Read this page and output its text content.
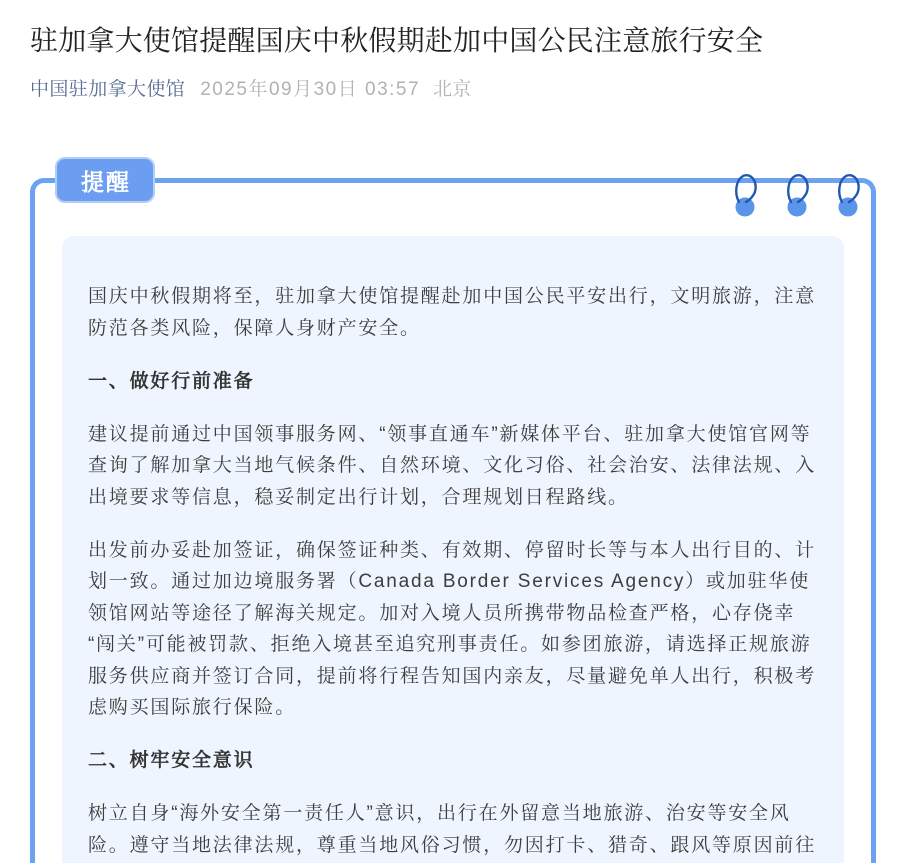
驻加拿大使馆提醒国庆中秋假期赴加中国公民注意旅行安全
中国驻加拿大使馆 2025年09月30日 03:57 北京
提醒

国庆中秋假期将至，驻加拿大使馆提醒赴加中国公民平安出行，文明旅游，注意防范各类风险，保障人身财产安全。

一、做好行前准备

建议提前通过中国领事服务网、“领事直通车”新媒体平台、驻加拿大使馆官网等查询了解加拿大当地气候条件、自然环境、文化习俗、社会治安、法律法规、入出境要求等信息，稳妥制定出行计划，合理规划日程路线。

出发前办妥赴加签证，确保签证种类、有效期、停留时长等与本人出行目的、计划一致。通过加边境服务署（Canada Border Services Agency）或加驻华使领馆网站等途径了解海关规定。加对入境人员所携带物品检查严格，心存侥幸“闯关”可能被罚款、拒绝入境甚至追究刑事责任。如参团旅游，请选择正规旅游服务供应商并签订合同，提前将行程告知国内亲友，尽量避免单人出行，积极考虑购买国际旅行保险。

二、树牢安全意识

树立自身“海外安全第一责任人”意识，出行在外留意当地旅游、治安等安全风险。遵守当地法律法规，尊重当地风俗习惯，勿因打卡、猎奇、跟风等原因前往
